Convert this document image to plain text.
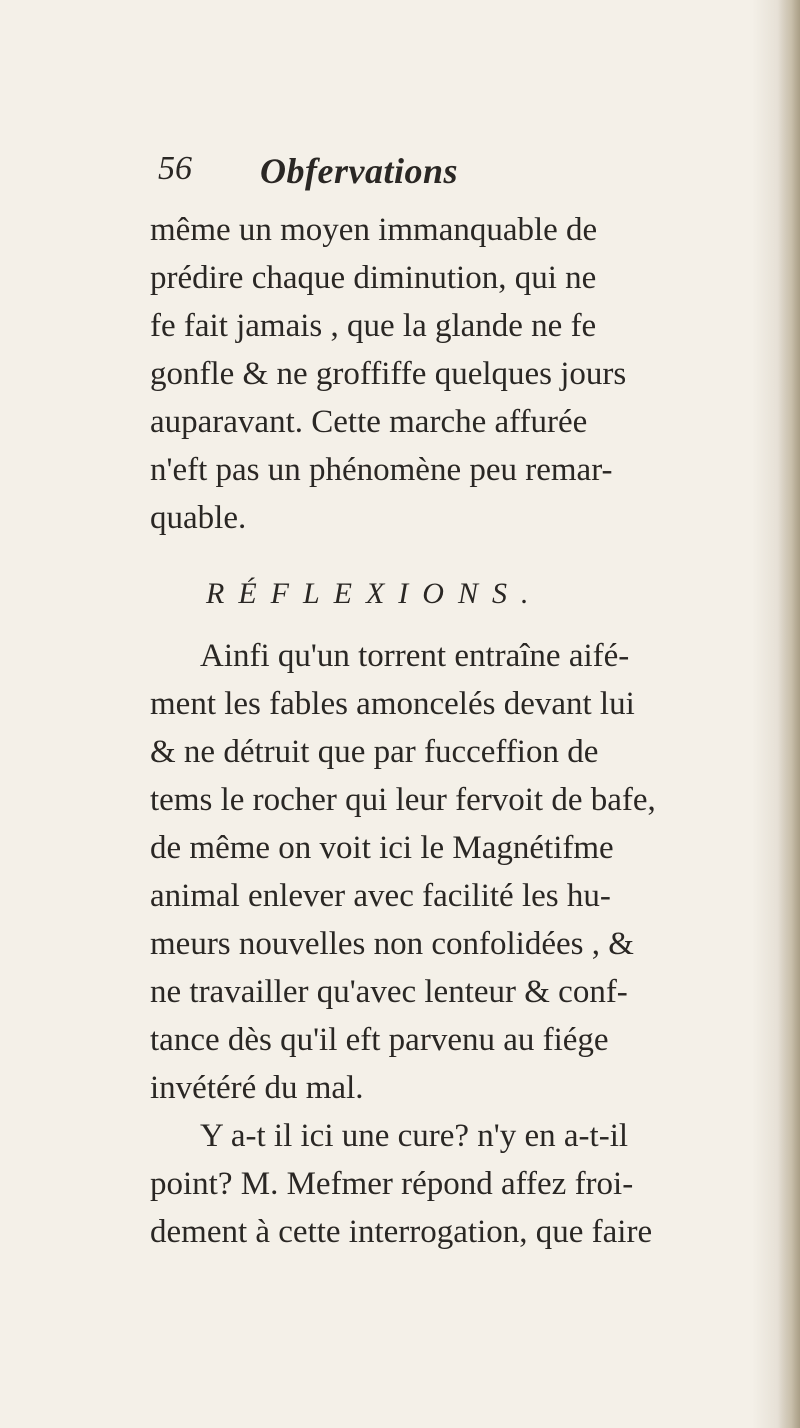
56 Obfervations
même un moyen immanquable de
prédire chaque diminution, qui ne
fe fait jamais , que la glande ne fe
gonfle & ne groffiffe quelques jours
auparavant. Cette marche affurée
n'eft pas un phénomène peu remar-
quable.
RÉFLEXIONS.
Ainfi qu'un torrent entraîne aifé-
ment les fables amoncelés devant lui
& ne détruit que par fucceffion de
tems le rocher qui leur fervoit de bafe,
de même on voit ici le Magnétifme
animal enlever avec facilité les hu-
meurs nouvelles non confolidées , &
ne travailler qu'avec lenteur & conf-
tance dès qu'il eft parvenu au fiége
invétéré du mal.
Y a-t il ici une cure? n'y en a-t-il
point? M. Mefmer répond affez froi-
dement à cette interrogation, que faire
